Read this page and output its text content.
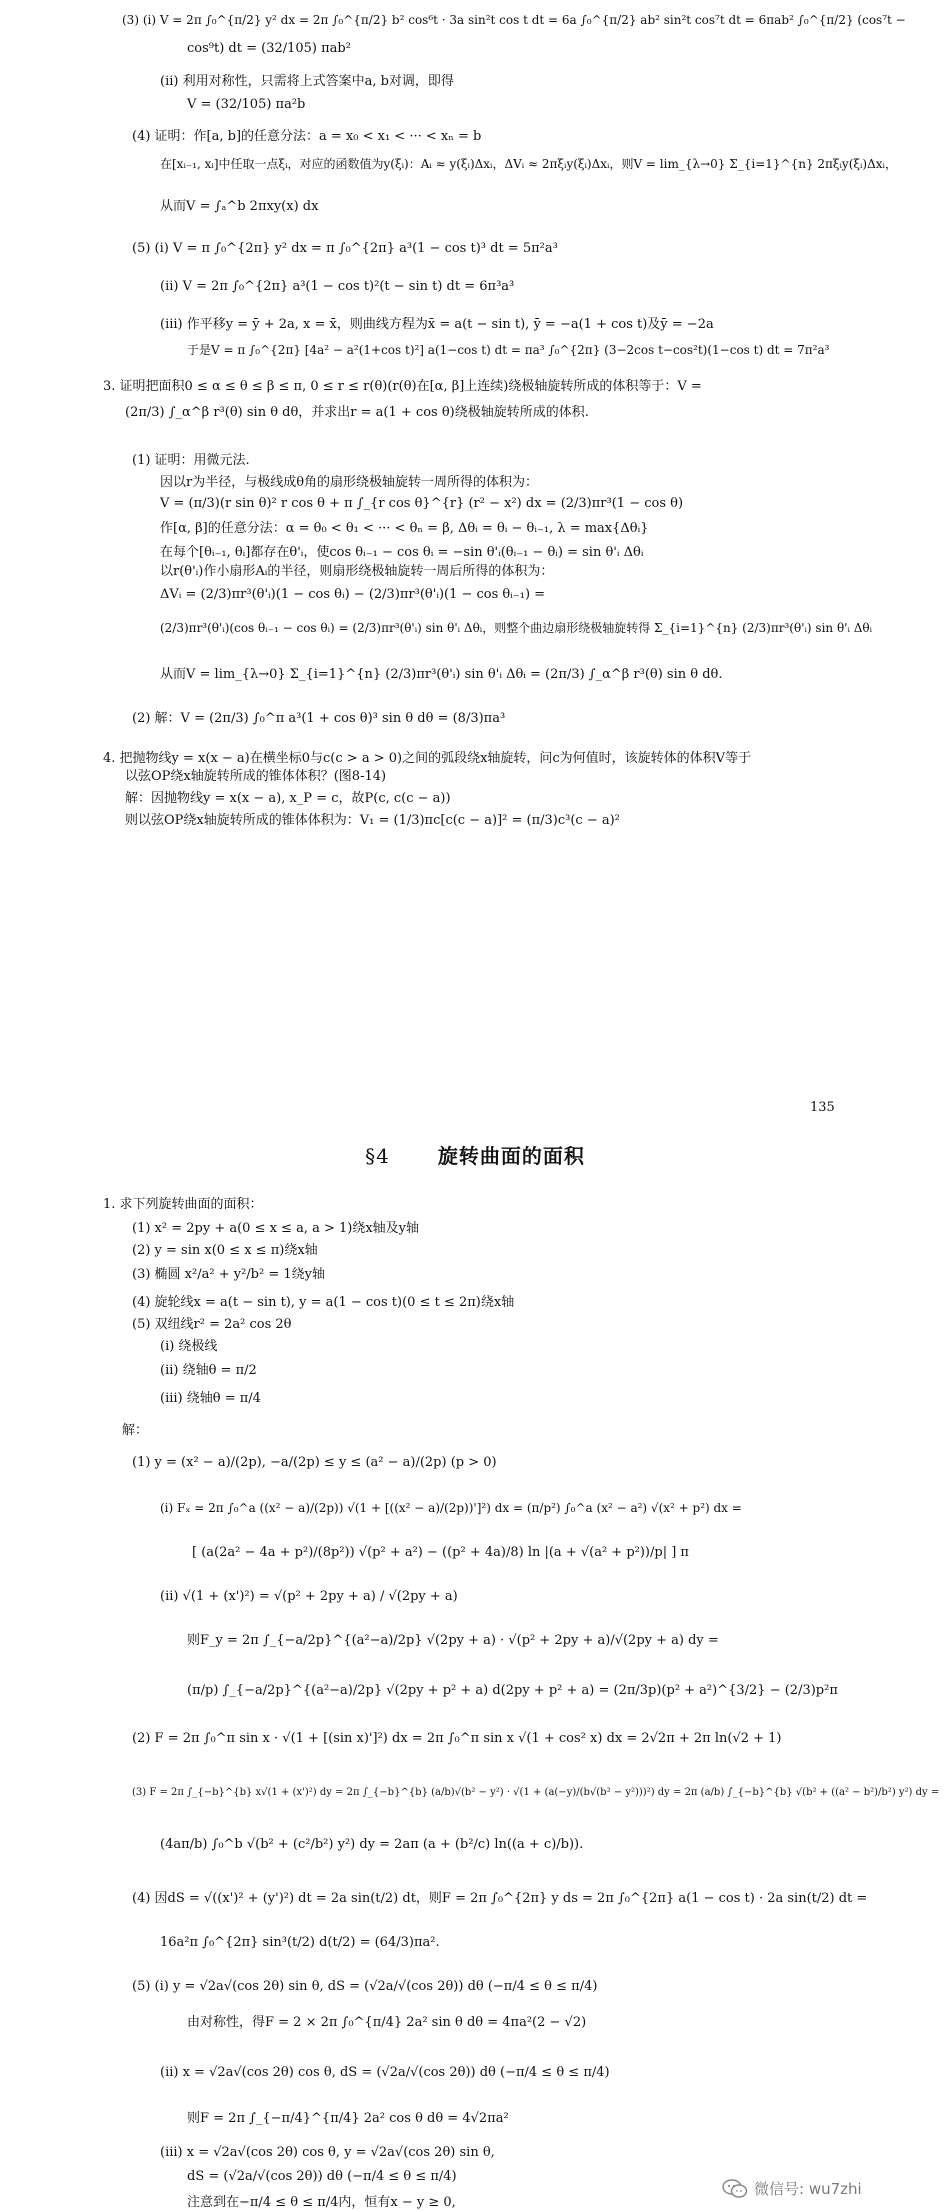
(3) (i) V = 2π ∫₀^{π/2} y² dx = 2π ∫₀^{π/2} b² cos⁶t · 3a sin²t cos t dt = 6a ∫₀^{π/2} ab² sin²t cos⁷t dt = 6πab² ∫₀^{π/2} (cos⁷t −
cos⁹t) dt = (32/105) πab²
(ii) 利用对称性，只需将上式答案中a, b对调，即得
V = (32/105) πa²b
(4) 证明：作[a, b]的任意分法：a = x₀ < x₁ < ··· < xₙ = b
在[xᵢ₋₁, xᵢ]中任取一点ξᵢ，对应的函数值为y(ξᵢ)：Aᵢ ≈ y(ξᵢ)Δxᵢ，ΔVᵢ ≈ 2πξᵢy(ξᵢ)Δxᵢ，则V = lim_{λ→0} Σ_{i=1}^{n} 2πξᵢy(ξᵢ)Δxᵢ，
从而V = ∫ₐ^b 2πxy(x) dx
(5) (i) V = π ∫₀^{2π} y² dx = π ∫₀^{2π} a³(1 − cos t)³ dt = 5π²a³
(ii) V = 2π ∫₀^{2π} a³(1 − cos t)²(t − sin t) dt = 6π³a³
(iii) 作平移y = ȳ + 2a, x = x̄，则曲线方程为x̄ = a(t − sin t), ȳ = −a(1 + cos t)及ȳ = −2a
于是V = π ∫₀^{2π} [4a² − a²(1+cos t)²] a(1−cos t) dt = πa³ ∫₀^{2π} (3−2cos t−cos²t)(1−cos t) dt = 7π²a³
3. 证明把面积0 ≤ α ≤ θ ≤ β ≤ π, 0 ≤ r ≤ r(θ)(r(θ)在[α, β]上连续)绕极轴旋转所成的体积等于：V =
(2π/3) ∫_α^β r³(θ) sin θ dθ，并求出r = a(1 + cos θ)绕极轴旋转所成的体积.
(1) 证明：用微元法.
因以r为半径，与极线成θ角的扇形绕极轴旋转一周所得的体积为：
V = (π/3)(r sin θ)² r cos θ + π ∫_{r cos θ}^{r} (r² − x²) dx = (2/3)πr³(1 − cos θ)
作[α, β]的任意分法：α = θ₀ < θ₁ < ··· < θₙ = β, Δθᵢ = θᵢ − θᵢ₋₁, λ = max{Δθᵢ}
在每个[θᵢ₋₁, θᵢ]都存在θ'ᵢ，使cos θᵢ₋₁ − cos θᵢ = −sin θ'ᵢ(θᵢ₋₁ − θᵢ) = sin θ'ᵢ Δθᵢ
以r(θ'ᵢ)作小扇形Aᵢ的半径，则扇形绕极轴旋转一周后所得的体积为：
ΔVᵢ = (2/3)πr³(θ'ᵢ)(1 − cos θᵢ) − (2/3)πr³(θ'ᵢ)(1 − cos θᵢ₋₁) =
(2/3)πr³(θ'ᵢ)(cos θᵢ₋₁ − cos θᵢ) = (2/3)πr³(θ'ᵢ) sin θ'ᵢ Δθᵢ，则整个曲边扇形绕极轴旋转得 Σ_{i=1}^{n} (2/3)πr³(θ'ᵢ) sin θ'ᵢ Δθᵢ
从而V = lim_{λ→0} Σ_{i=1}^{n} (2/3)πr³(θ'ᵢ) sin θ'ᵢ Δθᵢ = (2π/3) ∫_α^β r³(θ) sin θ dθ.
(2) 解：V = (2π/3) ∫₀^π a³(1 + cos θ)³ sin θ dθ = (8/3)πa³
4. 把抛物线y = x(x − a)在横坐标0与c(c > a > 0)之间的弧段绕x轴旋转，问c为何值时，该旋转体的体积V等于
以弦OP绕x轴旋转所成的锥体体积？(图8-14)
解：因抛物线y = x(x − a), x_P = c，故P(c, c(c − a))
则以弦OP绕x轴旋转所成的锥体体积为：V₁ = (1/3)πc[c(c − a)]² = (π/3)c³(c − a)²
135
§4 旋转曲面的面积
1. 求下列旋转曲面的面积：
(1) x² = 2py + a(0 ≤ x ≤ a, a > 1)绕x轴及y轴
(2) y = sin x(0 ≤ x ≤ π)绕x轴
(3) 椭圆 x²/a² + y²/b² = 1绕y轴
(4) 旋轮线x = a(t − sin t), y = a(1 − cos t)(0 ≤ t ≤ 2π)绕x轴
(5) 双纽线r² = 2a² cos 2θ
(i) 绕极线
(ii) 绕轴θ = π/2
(iii) 绕轴θ = π/4
解：
(1) y = (x² − a)/(2p), −a/(2p) ≤ y ≤ (a² − a)/(2p) (p > 0)
(i) Fₓ = 2π ∫₀^a ((x² − a)/(2p)) √(1 + [((x² − a)/(2p))']²) dx = (π/p²) ∫₀^a (x² − a²) √(x² + p²) dx =
[ (a(2a² − 4a + p²)/(8p²)) √(p² + a²) − ((p² + 4a)/8) ln |(a + √(a² + p²))/p| ] π
(ii) √(1 + (x')²) = √(p² + 2py + a) / √(2py + a)
则F_y = 2π ∫_{−a/2p}^{(a²−a)/2p} √(2py + a) · √(p² + 2py + a)/√(2py + a) dy =
(π/p) ∫_{−a/2p}^{(a²−a)/2p} √(2py + p² + a) d(2py + p² + a) = (2π/3p)(p² + a²)^{3/2} − (2/3)p²π
(2) F = 2π ∫₀^π sin x · √(1 + [(sin x)']²) dx = 2π ∫₀^π sin x √(1 + cos² x) dx = 2√2π + 2π ln(√2 + 1)
(3) F = 2π ∫_{−b}^{b} x√(1 + (x')²) dy = 2π ∫_{−b}^{b} (a/b)√(b² − y²) · √(1 + (a(−y)/(b√(b² − y²)))²) dy = 2π (a/b) ∫_{−b}^{b} √(b² + ((a² − b²)/b²) y²) dy =
(4aπ/b) ∫₀^b √(b² + (c²/b²) y²) dy = 2aπ (a + (b²/c) ln((a + c)/b)).
(4) 因dS = √((x')² + (y')²) dt = 2a sin(t/2) dt，则F = 2π ∫₀^{2π} y ds = 2π ∫₀^{2π} a(1 − cos t) · 2a sin(t/2) dt =
16a²π ∫₀^{2π} sin³(t/2) d(t/2) = (64/3)πa².
(5) (i) y = √2a√(cos 2θ) sin θ, dS = (√2a/√(cos 2θ)) dθ (−π/4 ≤ θ ≤ π/4)
由对称性，得F = 2 × 2π ∫₀^{π/4} 2a² sin θ dθ = 4πa²(2 − √2)
(ii) x = √2a√(cos 2θ) cos θ, dS = (√2a/√(cos 2θ)) dθ (−π/4 ≤ θ ≤ π/4)
则F = 2π ∫_{−π/4}^{π/4} 2a² cos θ dθ = 4√2πa²
(iii) x = √2a√(cos 2θ) cos θ, y = √2a√(cos 2θ) sin θ,
dS = (√2a/√(cos 2θ)) dθ (−π/4 ≤ θ ≤ π/4)
注意到在−π/4 ≤ θ ≤ π/4内，恒有x − y ≥ 0,
微信号: wu7zhi
